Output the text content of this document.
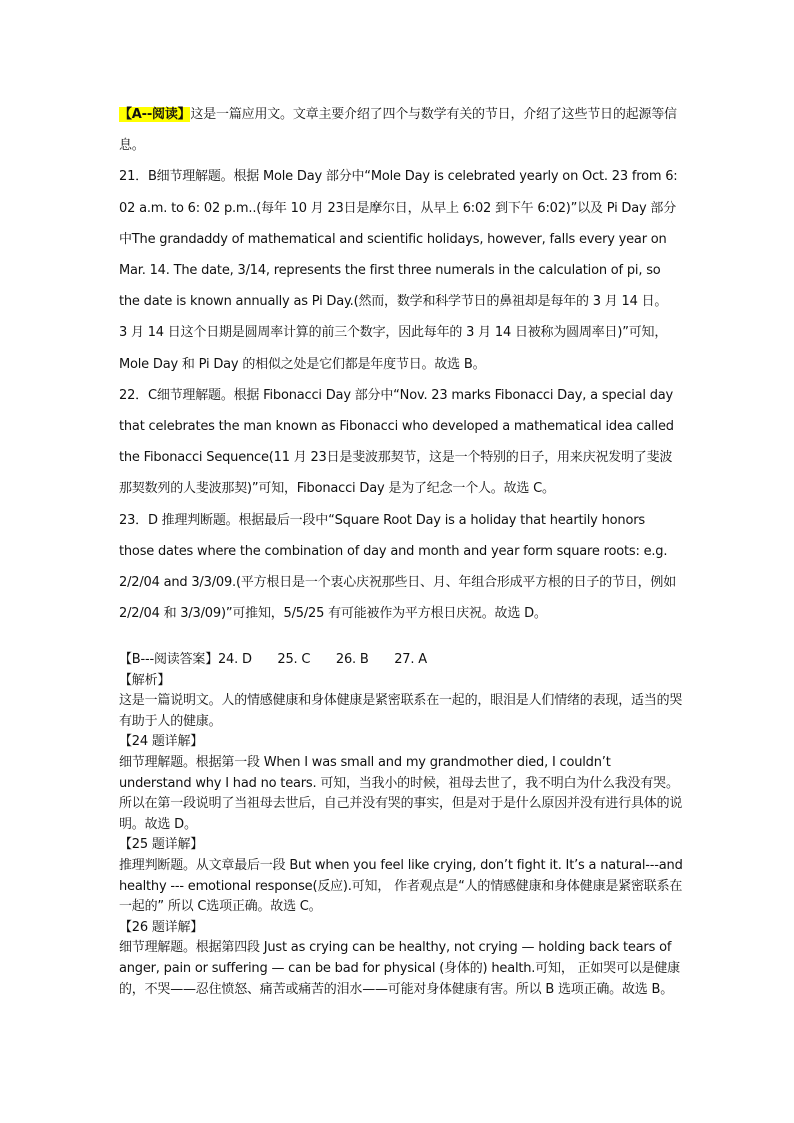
【A--阅读】这是一篇应用文。文章主要介绍了四个与数学有关的节日，介绍了这些节日的起源等信息。

21．B细节理解题。根据 Mole Day 部分中“Mole Day is celebrated yearly on Oct. 23 from 6: 02 a.m. to 6: 02 p.m..(每年 10 月 23日是摩尔日，从早上 6:02 到下午 6:02)”以及 Pi Day 部分中The grandaddy of mathematical and scientific holidays, however, falls every year on Mar. 14. The date, 3/14, represents the first three numerals in the calculation of pi, so the date is known annually as Pi Day.(然而，数学和科学节日的鼻祖却是每年的 3 月 14 日。 3 月 14 日这个日期是圆周率计算的前三个数字，因此每年的 3 月 14 日被称为圆周率日)”可知，Mole Day 和 Pi Day 的相似之处是它们都是年度节日。故选 B。

22．C细节理解题。根据 Fibonacci Day 部分中“Nov. 23 marks Fibonacci Day, a special day that celebrates the man known as Fibonacci who developed a mathematical idea called the Fibonacci Sequence(11 月 23日是斐波那契节，这是一个特别的日子，用来庆祝发明了斐波那契数列的人斐波那契)”可知，Fibonacci Day 是为了纪念一个人。故选 C。

23．D 推理判断题。根据最后一段中“Square Root Day is a holiday that heartily honors those dates where the combination of day and month and year form square roots: e.g. 2/2/04 and 3/3/09.(平方根日是一个衷心庆祝那些日、月、年组合形成平方根的日子的节日，例如 2/2/04 和 3/3/09)”可推知，5/5/25 有可能被作为平方根日庆祝。故选 D。

【B---阅读答案】24. D　　25. C　　26. B　　27. A

【解析】

这是一篇说明文。人的情感健康和身体健康是紧密联系在一起的，眼泪是人们情绪的表现，适当的哭有助于人的健康。

【24 题详解】

细节理解题。根据第一段 When I was small and my grandmother died, I couldn’t understand why I had no tears. 可知，当我小的时候，祖母去世了，我不明白为什么我没有哭。所以在第一段说明了当祖母去世后，自己并没有哭的事实，但是对于是什么原因并没有进行具体的说明。故选 D。

【25 题详解】

推理判断题。从文章最后一段 But when you feel like crying, don’t fight it. It’s a natural---and healthy --- emotional response(反应).可知， 作者观点是“人的情感健康和身体健康是紧密联系在一起的” 所以 C选项正确。故选 C。

【26 题详解】

细节理解题。根据第四段 Just as crying can be healthy, not crying — holding back tears of anger, pain or suffering — can be bad for physical (身体的) health.可知， 正如哭可以是健康的，不哭——忍住愤怒、痛苦或痛苦的泪水——可能对身体健康有害。所以 B 选项正确。故选 B。
